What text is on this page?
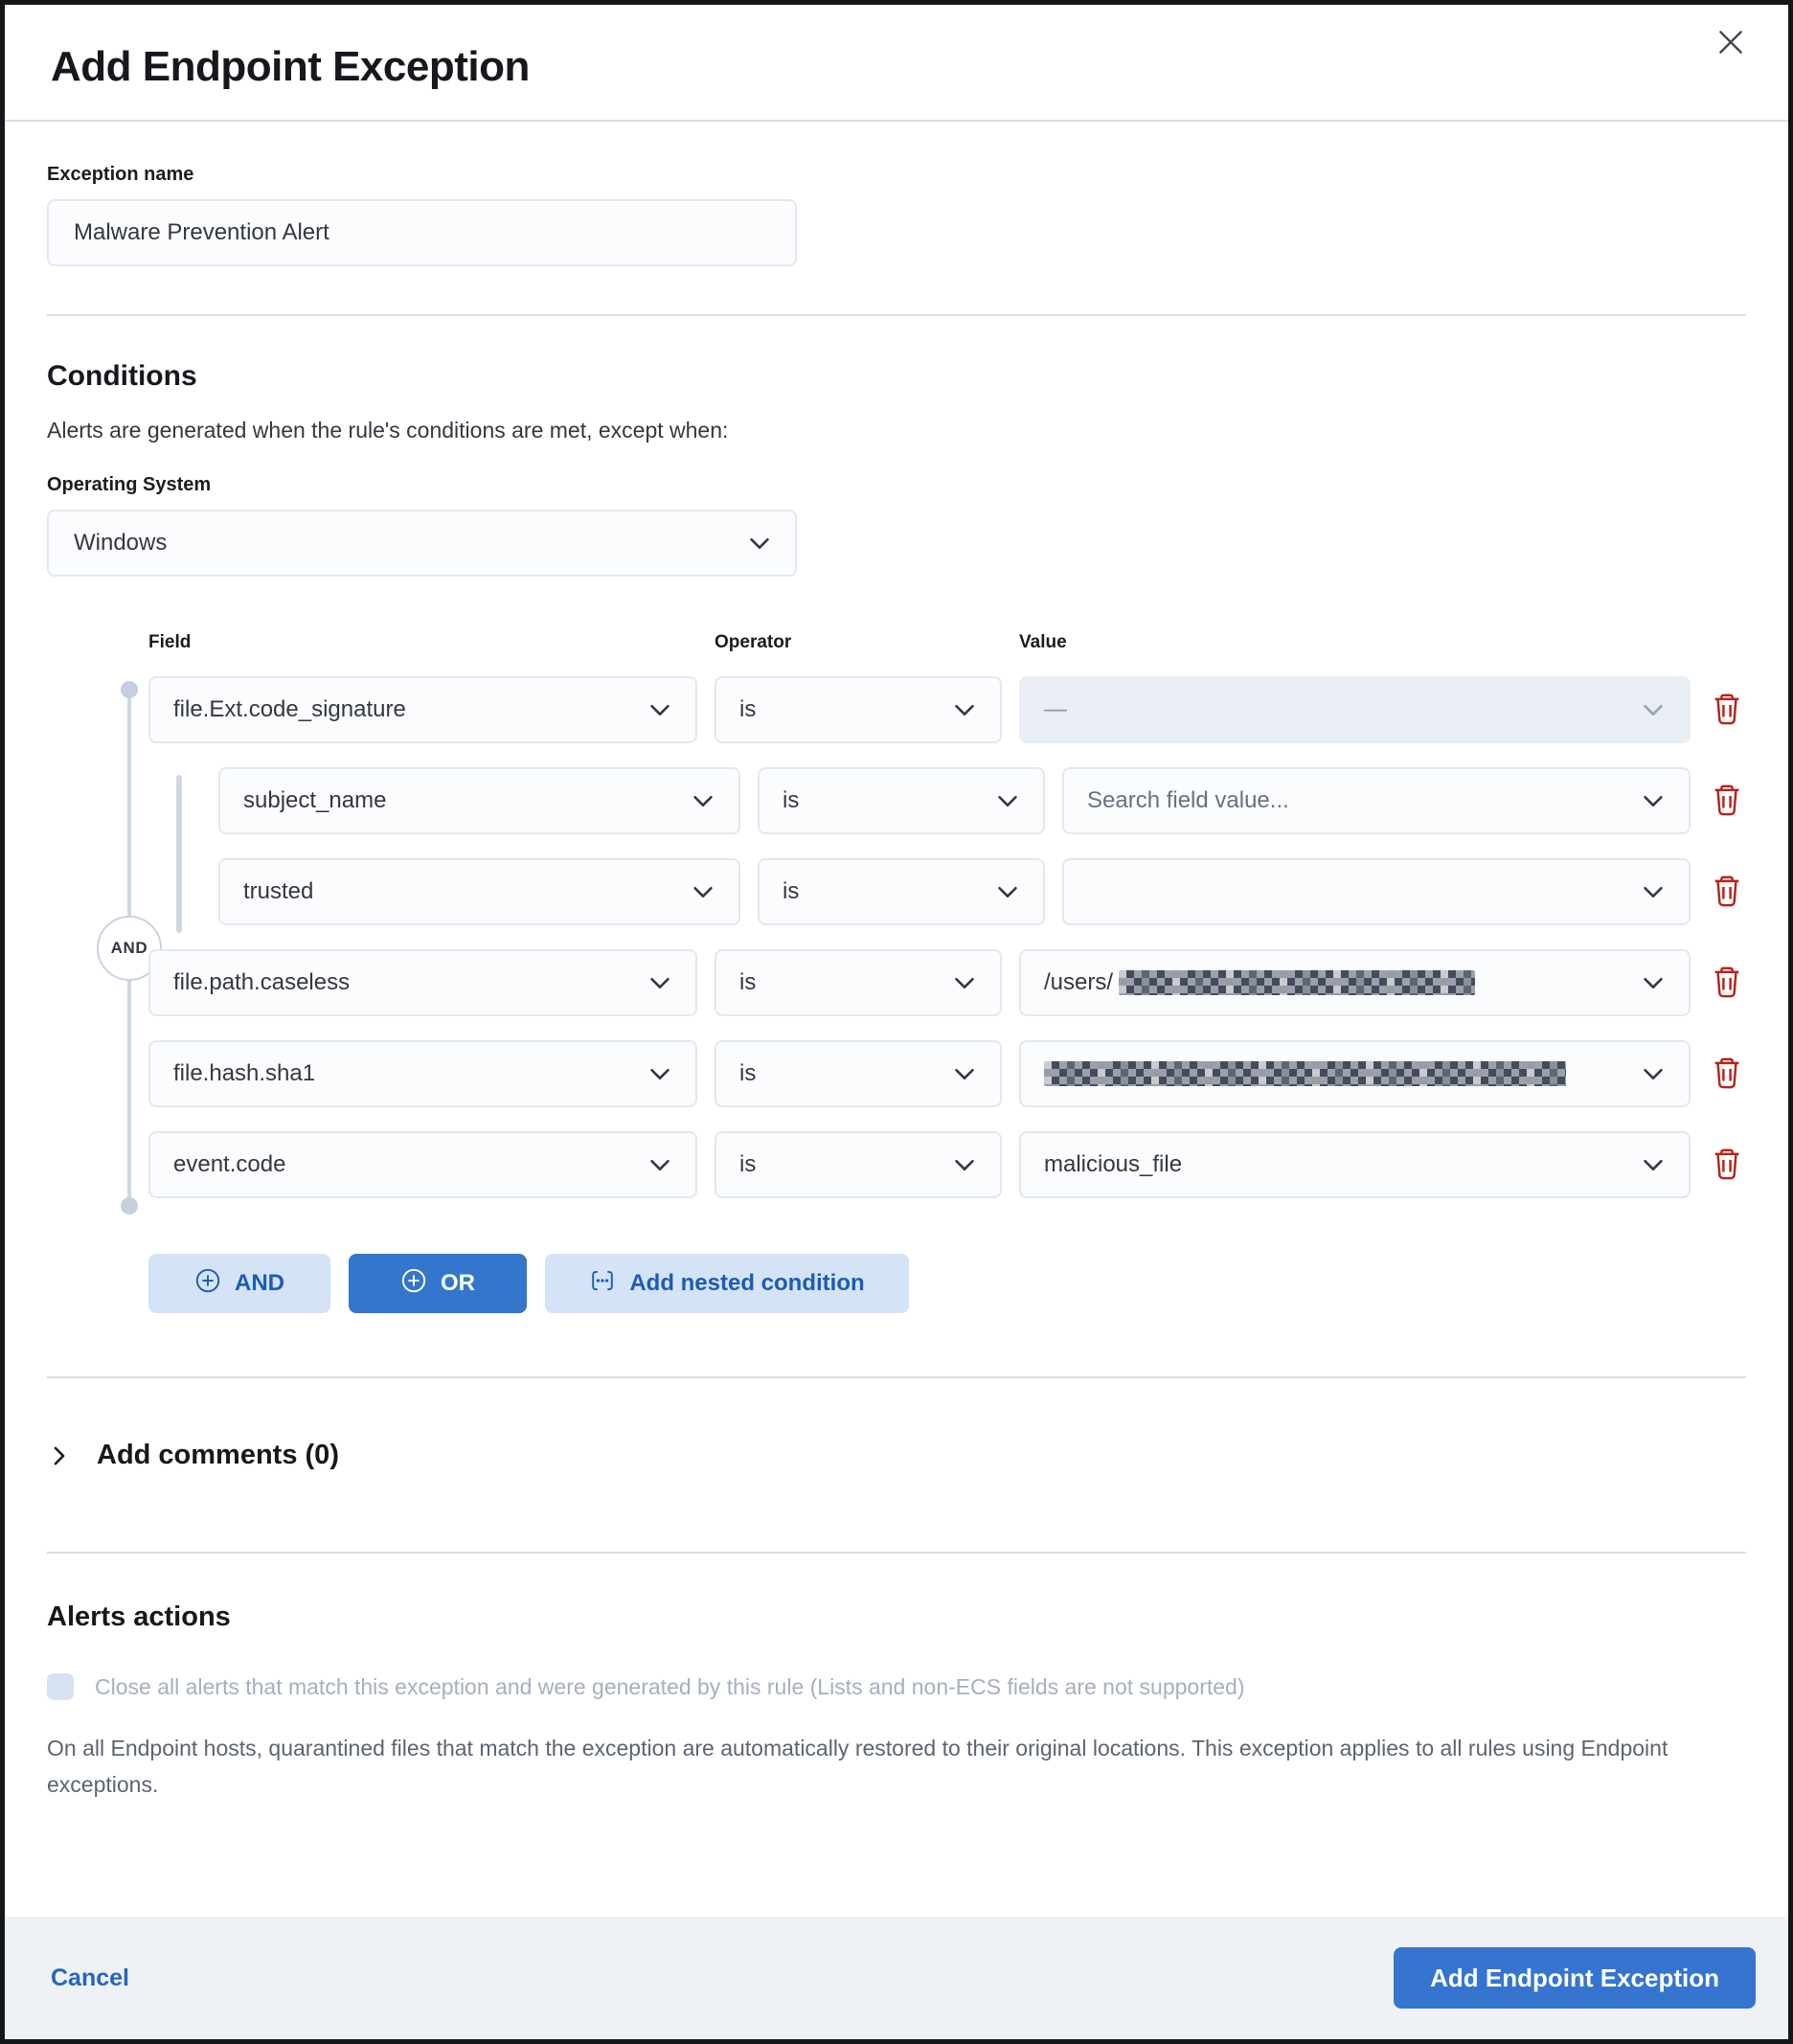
Add Endpoint Exception
Exception name
Malware Prevention Alert
Conditions

Alerts are generated when the rule's conditions are met, except when:

Operating System
Windows
AND
Field	Operator	Value
file.Ext.code_signature	is	—
subject_name	is	Search field value...
trusted	is
file.path.caseless	is	/users/
file.hash.sha1	is
event.code	is	malicious_file
AND	OR	Add nested condition
Add comments (0)
Alerts actions
Close all alerts that match this exception and were generated by this rule (Lists and non-ECS fields are not supported)

On all Endpoint hosts, quarantined files that match the exception are automatically restored to their original locations. This exception applies to all rules using Endpoint exceptions.

Cancel	Add Endpoint Exception
